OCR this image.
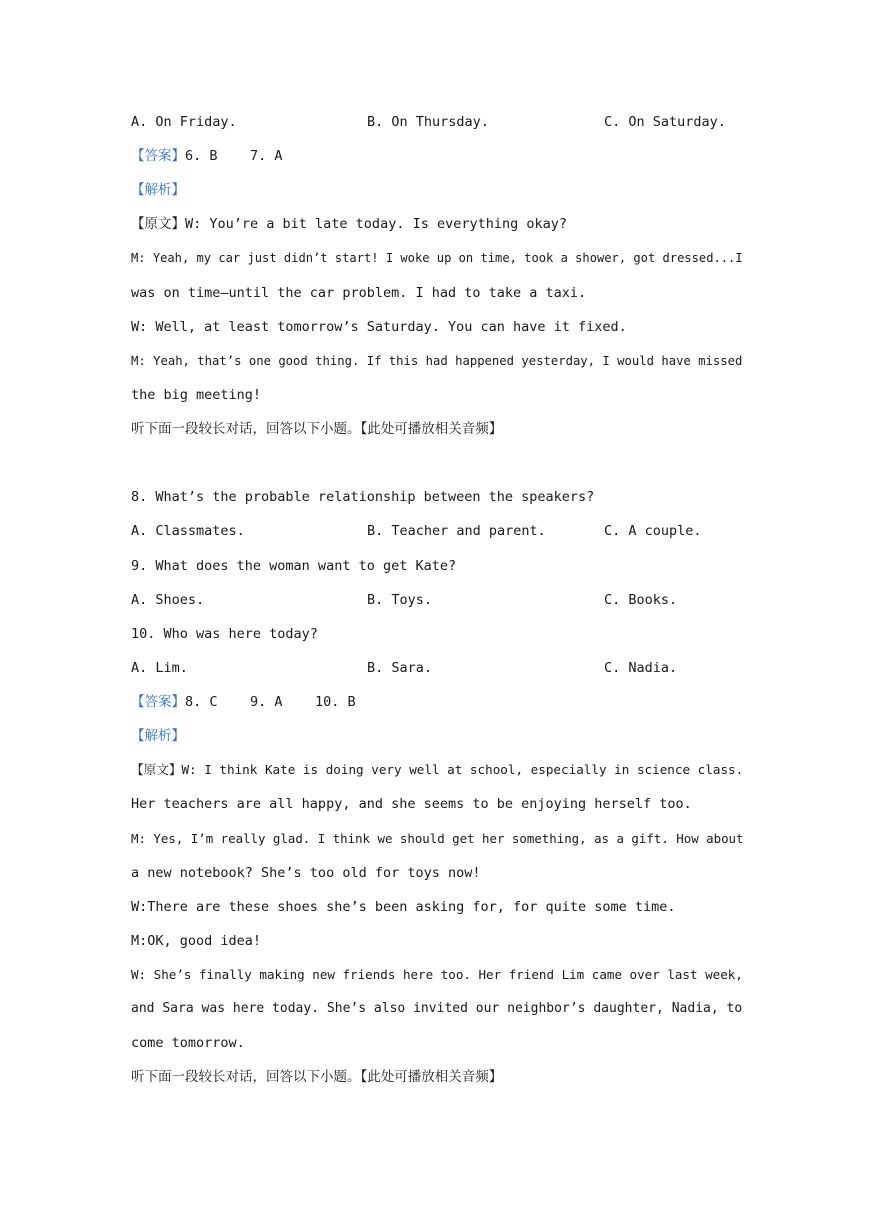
A. On Friday.	B. On Thursday.	C. On Saturday.
【答案】6. B    7. A
【解析】
【原文】W: You’re a bit late today. Is everything okay?
M: Yeah, my car just didn’t start! I woke up on time, took a shower, got dressed...I
was on time—until the car problem. I had to take a taxi.
W: Well, at least tomorrow’s Saturday. You can have it fixed.
M: Yeah, that’s one good thing. If this had happened yesterday, I would have missed
the big meeting!
听下面一段较长对话，回答以下小题。【此处可播放相关音频】
8. What’s the probable relationship between the speakers?
A. Classmates.	B. Teacher and parent.	C. A couple.
9. What does the woman want to get Kate?
A. Shoes.	B. Toys.	C. Books.
10. Who was here today?
A. Lim.	B. Sara.	C. Nadia.
【答案】8. C    9. A    10. B
【解析】
【原文】W: I think Kate is doing very well at school, especially in science class.
Her teachers are all happy, and she seems to be enjoying herself too.
M: Yes, I’m really glad. I think we should get her something, as a gift. How about
a new notebook? She’s too old for toys now!
W:There are these shoes she’s been asking for, for quite some time.
M:OK, good idea!
W: She’s finally making new friends here too. Her friend Lim came over last week,
and Sara was here today. She’s also invited our neighbor’s daughter, Nadia, to
come tomorrow.
听下面一段较长对话，回答以下小题。【此处可播放相关音频】
